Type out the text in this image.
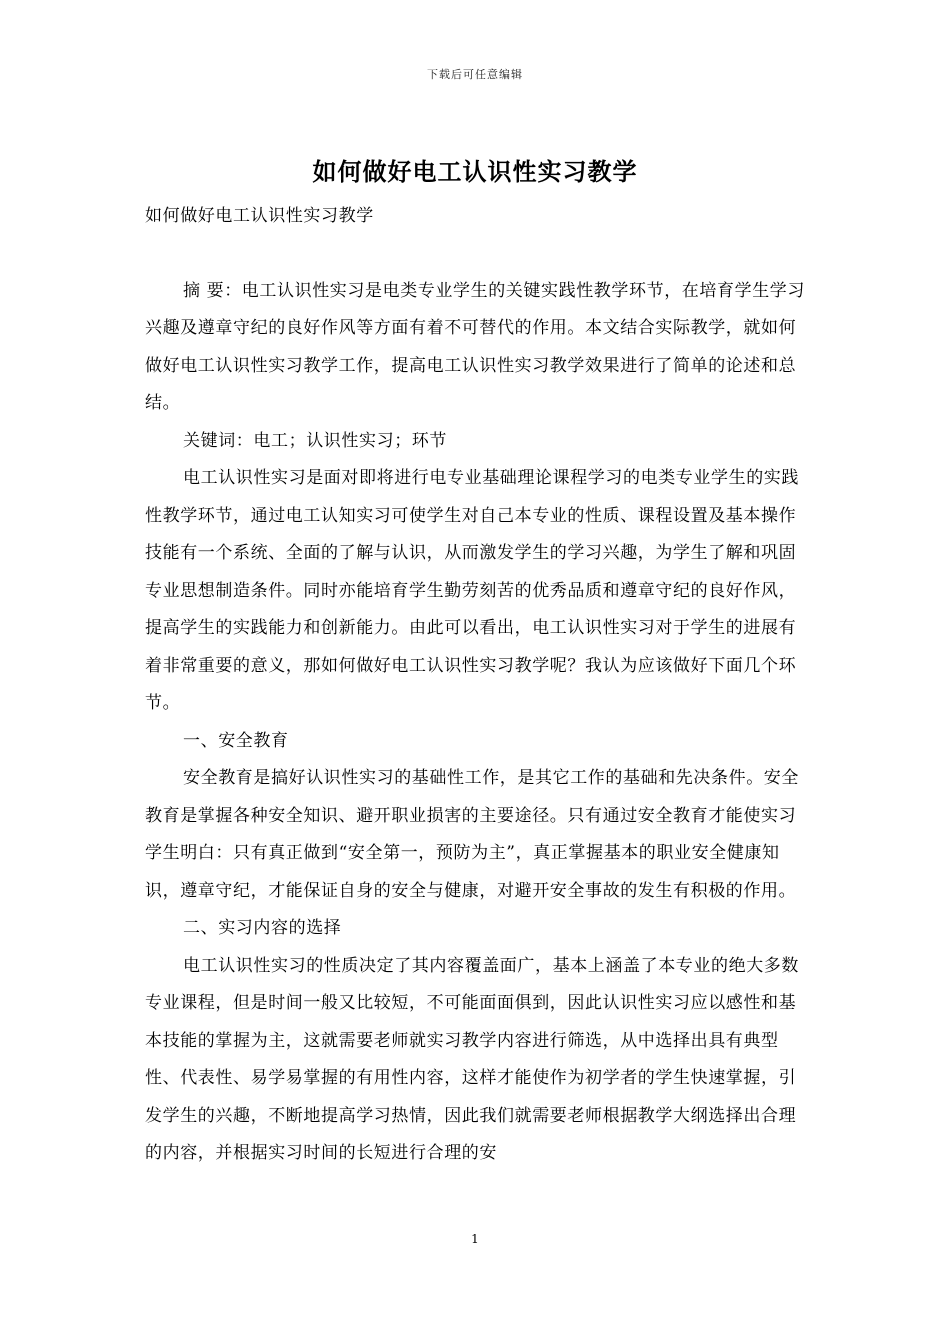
下载后可任意编辑
如何做好电工认识性实习教学

如何做好电工认识性实习教学

摘 要：电工认识性实习是电类专业学生的关键实践性教学环节，在培育学生学习兴趣及遵章守纪的良好作风等方面有着不可替代的作用。本文结合实际教学，就如何做好电工认识性实习教学工作，提高电工认识性实习教学效果进行了简单的论述和总结。

关键词：电工；认识性实习；环节

电工认识性实习是面对即将进行电专业基础理论课程学习的电类专业学生的实践性教学环节，通过电工认知实习可使学生对自己本专业的性质、课程设置及基本操作技能有一个系统、全面的了解与认识，从而激发学生的学习兴趣，为学生了解和巩固专业思想制造条件。同时亦能培育学生勤劳刻苦的优秀品质和遵章守纪的良好作风，提高学生的实践能力和创新能力。由此可以看出，电工认识性实习对于学生的进展有着非常重要的意义，那如何做好电工认识性实习教学呢？我认为应该做好下面几个环节。

一、安全教育

安全教育是搞好认识性实习的基础性工作，是其它工作的基础和先决条件。安全教育是掌握各种安全知识、避开职业损害的主要途径。只有通过安全教育才能使实习学生明白：只有真正做到“安全第一，预防为主”，真正掌握基本的职业安全健康知识，遵章守纪，才能保证自身的安全与健康，对避开安全事故的发生有积极的作用。

二、实习内容的选择

电工认识性实习的性质决定了其内容覆盖面广，基本上涵盖了本专业的绝大多数专业课程，但是时间一般又比较短，不可能面面俱到，因此认识性实习应以感性和基本技能的掌握为主，这就需要老师就实习教学内容进行筛选，从中选择出具有典型性、代表性、易学易掌握的有用性内容，这样才能使作为初学者的学生快速掌握，引发学生的兴趣，不断地提高学习热情，因此我们就需要老师根据教学大纲选择出合理的内容，并根据实习时间的长短进行合理的安

1
